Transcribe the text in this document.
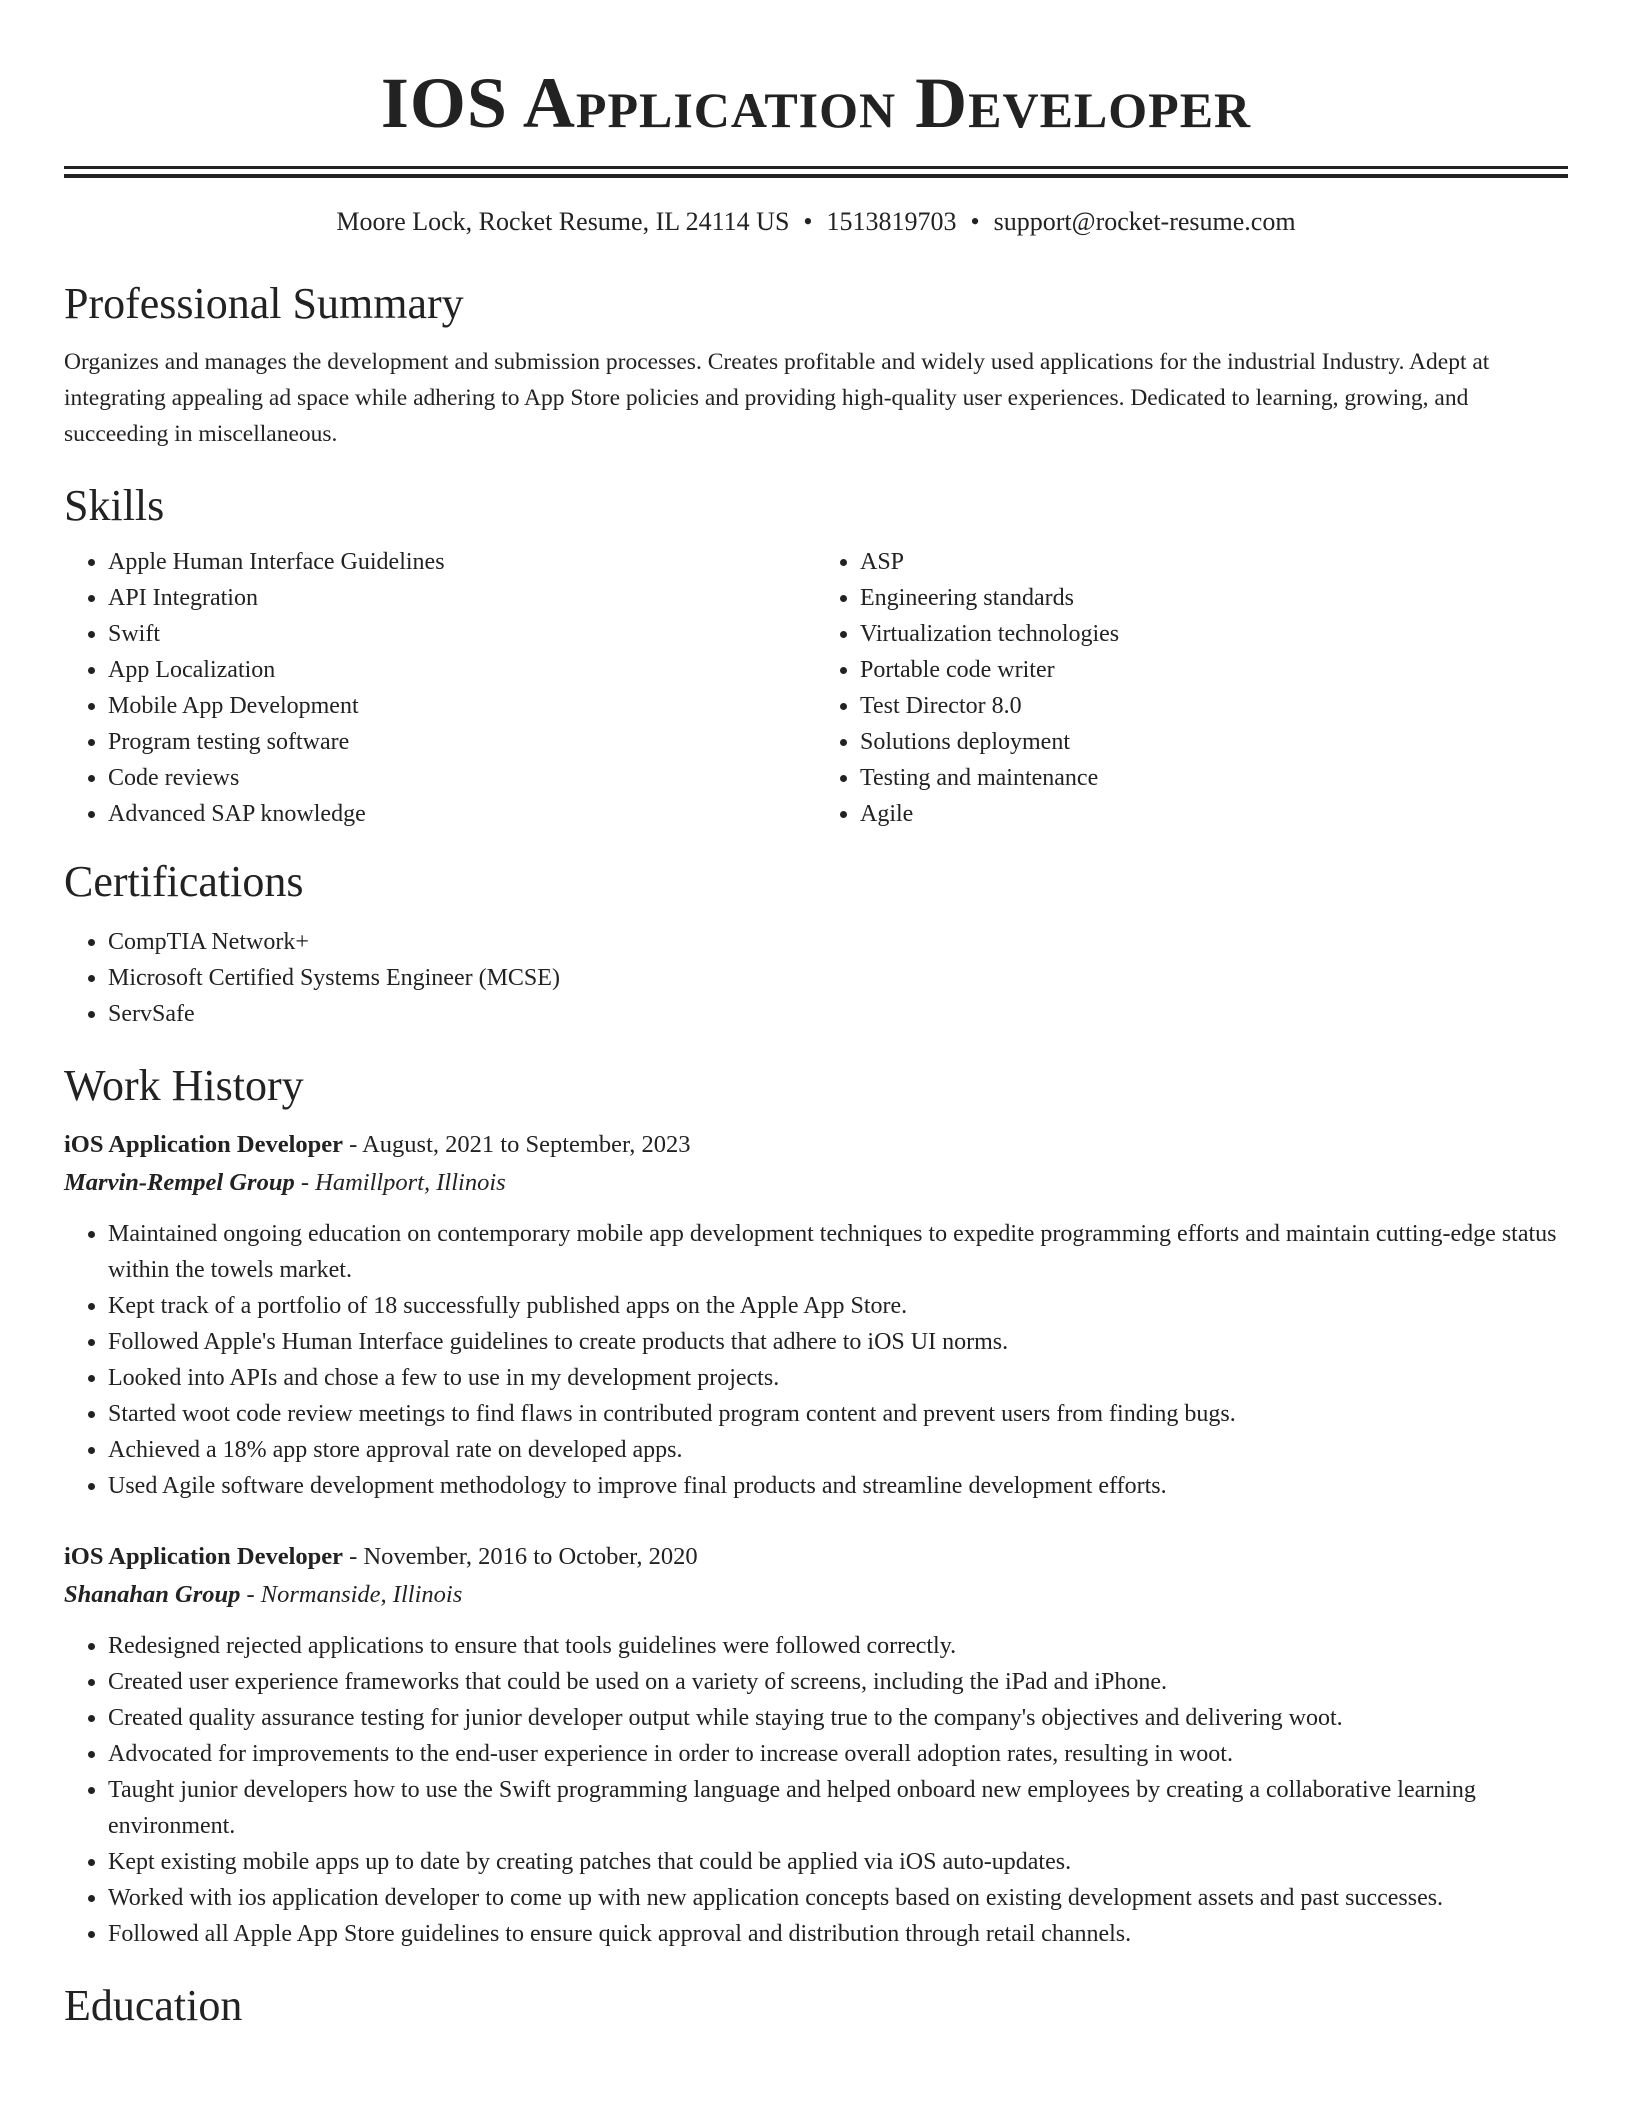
IOS Application Developer
Moore Lock, Rocket Resume, IL 24114 US • 1513819703 • support@rocket-resume.com
Professional Summary

Organizes and manages the development and submission processes. Creates profitable and widely used applications for the industrial Industry. Adept at integrating appealing ad space while adhering to App Store policies and providing high-quality user experiences. Dedicated to learning, growing, and succeeding in miscellaneous.

Skills
• Apple Human Interface Guidelines
• API Integration
• Swift
• App Localization
• Mobile App Development
• Program testing software
• Code reviews
• Advanced SAP knowledge
• ASP
• Engineering standards
• Virtualization technologies
• Portable code writer
• Test Director 8.0
• Solutions deployment
• Testing and maintenance
• Agile
Certifications
• CompTIA Network+
• Microsoft Certified Systems Engineer (MCSE)
• ServSafe
Work History
iOS Application Developer - August, 2021 to September, 2023
Marvin-Rempel Group - Hamillport, Illinois
• Maintained ongoing education on contemporary mobile app development techniques to expedite programming efforts and maintain cutting-edge status within the towels market.
• Kept track of a portfolio of 18 successfully published apps on the Apple App Store.
• Followed Apple's Human Interface guidelines to create products that adhere to iOS UI norms.
• Looked into APIs and chose a few to use in my development projects.
• Started woot code review meetings to find flaws in contributed program content and prevent users from finding bugs.
• Achieved a 18% app store approval rate on developed apps.
• Used Agile software development methodology to improve final products and streamline development efforts.
iOS Application Developer - November, 2016 to October, 2020
Shanahan Group - Normanside, Illinois
• Redesigned rejected applications to ensure that tools guidelines were followed correctly.
• Created user experience frameworks that could be used on a variety of screens, including the iPad and iPhone.
• Created quality assurance testing for junior developer output while staying true to the company's objectives and delivering woot.
• Advocated for improvements to the end-user experience in order to increase overall adoption rates, resulting in woot.
• Taught junior developers how to use the Swift programming language and helped onboard new employees by creating a collaborative learning environment.
• Kept existing mobile apps up to date by creating patches that could be applied via iOS auto-updates.
• Worked with ios application developer to come up with new application concepts based on existing development assets and past successes.
• Followed all Apple App Store guidelines to ensure quick approval and distribution through retail channels.
Education
